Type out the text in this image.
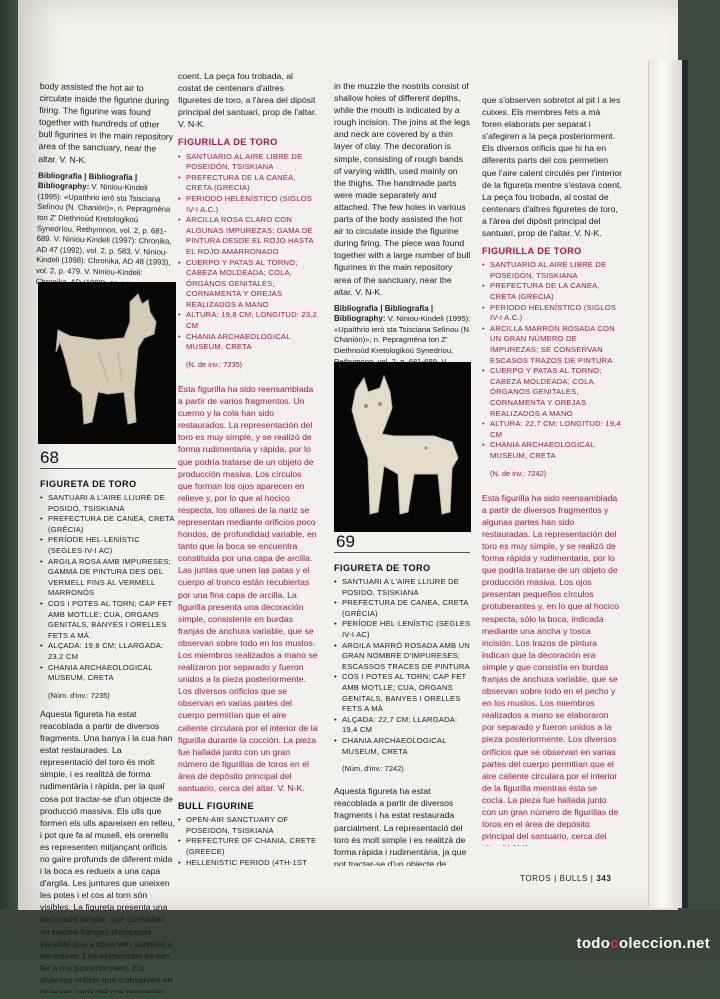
body assisted the hot air to circulate inside the figurine during firing. The figurine was found together with hundreds of other bull figurines in the main repository area of the sanctuary, near the altar. V. N-K.

Bibliografia | Bibliografía | Bibliography: V. Niniou-Kindeli (1995): «Upaíthrio ierò sta Tsisciana Selìnou (N. Chaniòn)», n. Pepragména ton Z' Diethnoúd Kretologikoú Synedríou, Rethymnon, vol. 2, p. 681-689. V. Niniou-Kindeli (1997): Chronika, AD 47 (1992), vol. 2, p. 583. V. Niniou-Kindeli (1998): Chronika, AD 48 (1993), vol. 2, p. 479. V. Niniou-Kindeli:
68
FIGURETA DE TORO
• SANTUARI A L'AIRE LLIURE DE POSIDÓ, TSISKIANA
• PREFECTURA DE CANEA, CRETA (GRÈCIA)
• PERÍODE HEL·LENÍSTIC (SEGLES IV-I AC)
• ARGILA ROSA AMB IMPURESES; GAMMA DE PINTURA DES DEL VERMELL FINS AL VERMELL MARRONÓS
• COS I POTES AL TORN; CAP FET AMB MOTLLE; CUA, ORGANS GENITALS, BANYES I ORELLES FETS A MÀ
• ALÇADA: 19,8 CM; LLARGADA: 23,2 CM
• CHANIA ARCHAEOLOGICAL MUSEUM, CRETA
(Núm. d'inv.: 7235)

Aquesta figureta ha estat reacoblada a partir de diversos fragments. Una banya i la cua han estat restaurades. La representació del toro és molt simple, i es realitzà de forma rudimentària i ràpida, per la qual cosa pot tractar-se d'un objecte de producció massiva. Els ulls que formen els ulls apareixen en relleu, i pot que fa al musell, els orenells es representen mitjançant orificis no gaire profunds de diferent mida i la boca es redueix a una capa d'argila. Les juntures que uneixen les potes i el cos al torn són visibles. La figureta presenta una decoració simple, que consisteix en bastes franges d'amplada variable que s'observen sobretot a les cuixes. Les extremitats es van fer a mà posteriorment. Els diversos orificis que s'observen en diverses parts del cos permetien

coent. La peça fou trobada, al costat de centenars d'altres figuretes de toro, a l'àrea del dipòsit principal del santuari, prop de l'altar. V. N-K.

FIGURILLA DE TORO
• SANTUARIO AL AIRE LIBRE DE POSEIDÓN, TSISKIANA
• PREFECTURA DE LA CANEA, CRETA (GRECIA)
• PERIODO HELENÍSTICO (SIGLOS IV-I A.C.)
• ARCILLA ROSA CLARO CON ALGUNAS IMPUREZAS; GAMA DE PINTURA DESDE EL ROJO HASTA EL ROJO AMARRONADO
• CUERPO Y PATAS AL TORNO; CABEZA MOLDEADA; COLA, ÓRGANOS GENITALES, CORNAMENTA Y OREJAS REALIZADOS A MANO
• ALTURA: 19,8 CM; LONGITUD: 23,2 CM
• CHANIA ARCHAEOLOGICAL MUSEUM, CRETA
(N. de inv.: 7235)

Esta figurilla ha sido reensamblada a partir de varios fragmentos. Un cuerno y la cola han sido restaurados. La representación del toro es muy simple, y se realizó de forma rudimentaria y rápida, por lo que podría tratarse de un objeto de producción masiva. Los círculos que forman los ojos aparecen en relieve y, por lo que al hocico respecta, los ollares de la nariz se representan mediante orificios poco hondos, de profundidad variable, en tanto que la boca se encuentra constituida por una capa de arcilla. Las juntas que unen las patas y el cuerpo al tronco están recubiertas por una fina capa de arcilla. La figurilla presenta una decoración simple, consistente en burdas franjas de anchura variable, que se observan sobre todo en los muslos. Los miembros realizados a mano se realizaron por separado y fueron unidos a la pieza posteriormente. Los diversos orificios que se observan en varias partes del cuerpo permitían que el aire caliente circulara por el interior de la figurilla durante la cocción. La pieza fue hallada junto con un gran número de figurillas de toros en el área de depósito principal del santuario, cerca del altar. V. N-K.

BULL FIGURINE
• OPEN-AIR SANCTUARY OF POSEIDON, TSISKIANA
• PREFECTURE OF CHANIA, CRETE (GREECE)
• HELLENISTIC PERIOD (4TH-1ST

in the muzzle the nostrils consist of shallow holes of different depths, while the mouth is indicated by a rough incision. The joins at the legs and neck are covered by a thin layer of clay. The decoration is simple, consisting of rough bands of varying width, used mainly on the thighs. The handmade parts were made separately and attached. The few holes in various parts of the body assisted the hot air to circulate inside the figurine during firing. The piece was found together with a large number of bull figurines in the main repository area of the sanctuary, near the altar. V. N-K.

Bibliografia | Bibliografía | Bibliography: V. Niniou-Kindeli (1995): «Upaíthrio ierò sta Tsisciana Selìnou (N. Chaniòn)», n. Pepragména ton Z' Diethnoúd Kretologikoú Synedríou,
69
FIGURETA DE TORO
• SANTUARI A L'AIRE LLIURE DE POSIDÓ, TSISKIANA
• PREFECTURA DE CANEA, CRETA (GRÈCIA)
• PERÍODE HEL·LENÍSTIC (SEGLES IV-I AC)
• ARGILA MARRÓ ROSADA AMB UN GRAN NOMBRE D'IMPURESES; ESCASSOS TRACES DE PINTURA
• COS I POTES AL TORN; CAP FET AMB MOTLLE; CUA, ORGANS GENITALS, BANYES I ORELLES FETS A MÀ
• ALÇADA: 22,7 CM; LLARGADA: 19,4 CM
• CHANIA ARCHAEOLOGICAL MUSEUM, CRETA
(Núm. d'inv.: 7242)

Aquesta figureta ha estat reacoblada a partir de diversos fragments i ha estat restaurada parcialment. La representació del toro és molt simple i es realitzà de forma ràpida i rudimentària, ja que pot tractar-se d'un objecte de

que s'observen sobretot al pit i a les cuixes. Els membres fets a mà foren elaborats per separat i s'afegiren a la peça posteriorment. Els diversos orificis que hi ha en diferents parts del cos permetien que l'aire calent circulés per l'interior de la figureta mentre s'estava coent. La peça fou trobada, al costat de centenars d'altres figuretes de toro, a l'àrea del dipòsit principal del santuari, prop de l'altar. V. N-K.

FIGURILLA DE TORO
• SANTUARIO AL AIRE LIBRE DE POSEIDÓN, TSISKIANA
• PREFECTURA DE LA CANEA, CRETA (GRECIA)
• PERIODO HELENÍSTICO (SIGLOS IV-I A.C.)
• ARCILLA MARRÓN ROSADA CON UN GRAN NÚMERO DE IMPUREZAS; SE CONSERVAN ESCASOS TRAZOS DE PINTURA
• CUERPO Y PATAS AL TORNO; CABEZA MOLDEADA; COLA, ÓRGANOS GENITALES, CORNAMENTA Y OREJAS REALIZADOS A MANO
• ALTURA: 22,7 CM; LONGITUD: 19,4 CM
• CHANIA ARCHAEOLOGICAL MUSEUM, CRETA
(N. de inv.: 7242)

Esta figurilla ha sido reensamblada a partir de diversos fragmentos y algunas partes han sido restauradas. La representación del toro es muy simple, y se realizó de forma rápida y rudimentaria, por lo que podría tratarse de un objeto de producción masiva. Los ojos presentan pequeños círculos protuberantes y, en lo que al hocico respecta, sólo la boca, indicada mediante una ancha y tosca incisión. Los trazos de pintura indican que la decoración era simple y que consistía en burdas franjas de anchura variable, que se observan sobre todo en el pecho y en los muslos. Los miembros realizados a mano se elaboraron por separado y fueron unidos a la pieza posteriormente. Los diversos orificios que se observan en varias partes del cuerpo permitían que el aire caliente circulara por el interior de la figurilla mientras ésta se cocía. La pieza fue hallada junto con un gran número de figurillas de toros en el área de depósito principal del santuario, cerca del

TOROS | BULLS | 343
todocoleccion.net
